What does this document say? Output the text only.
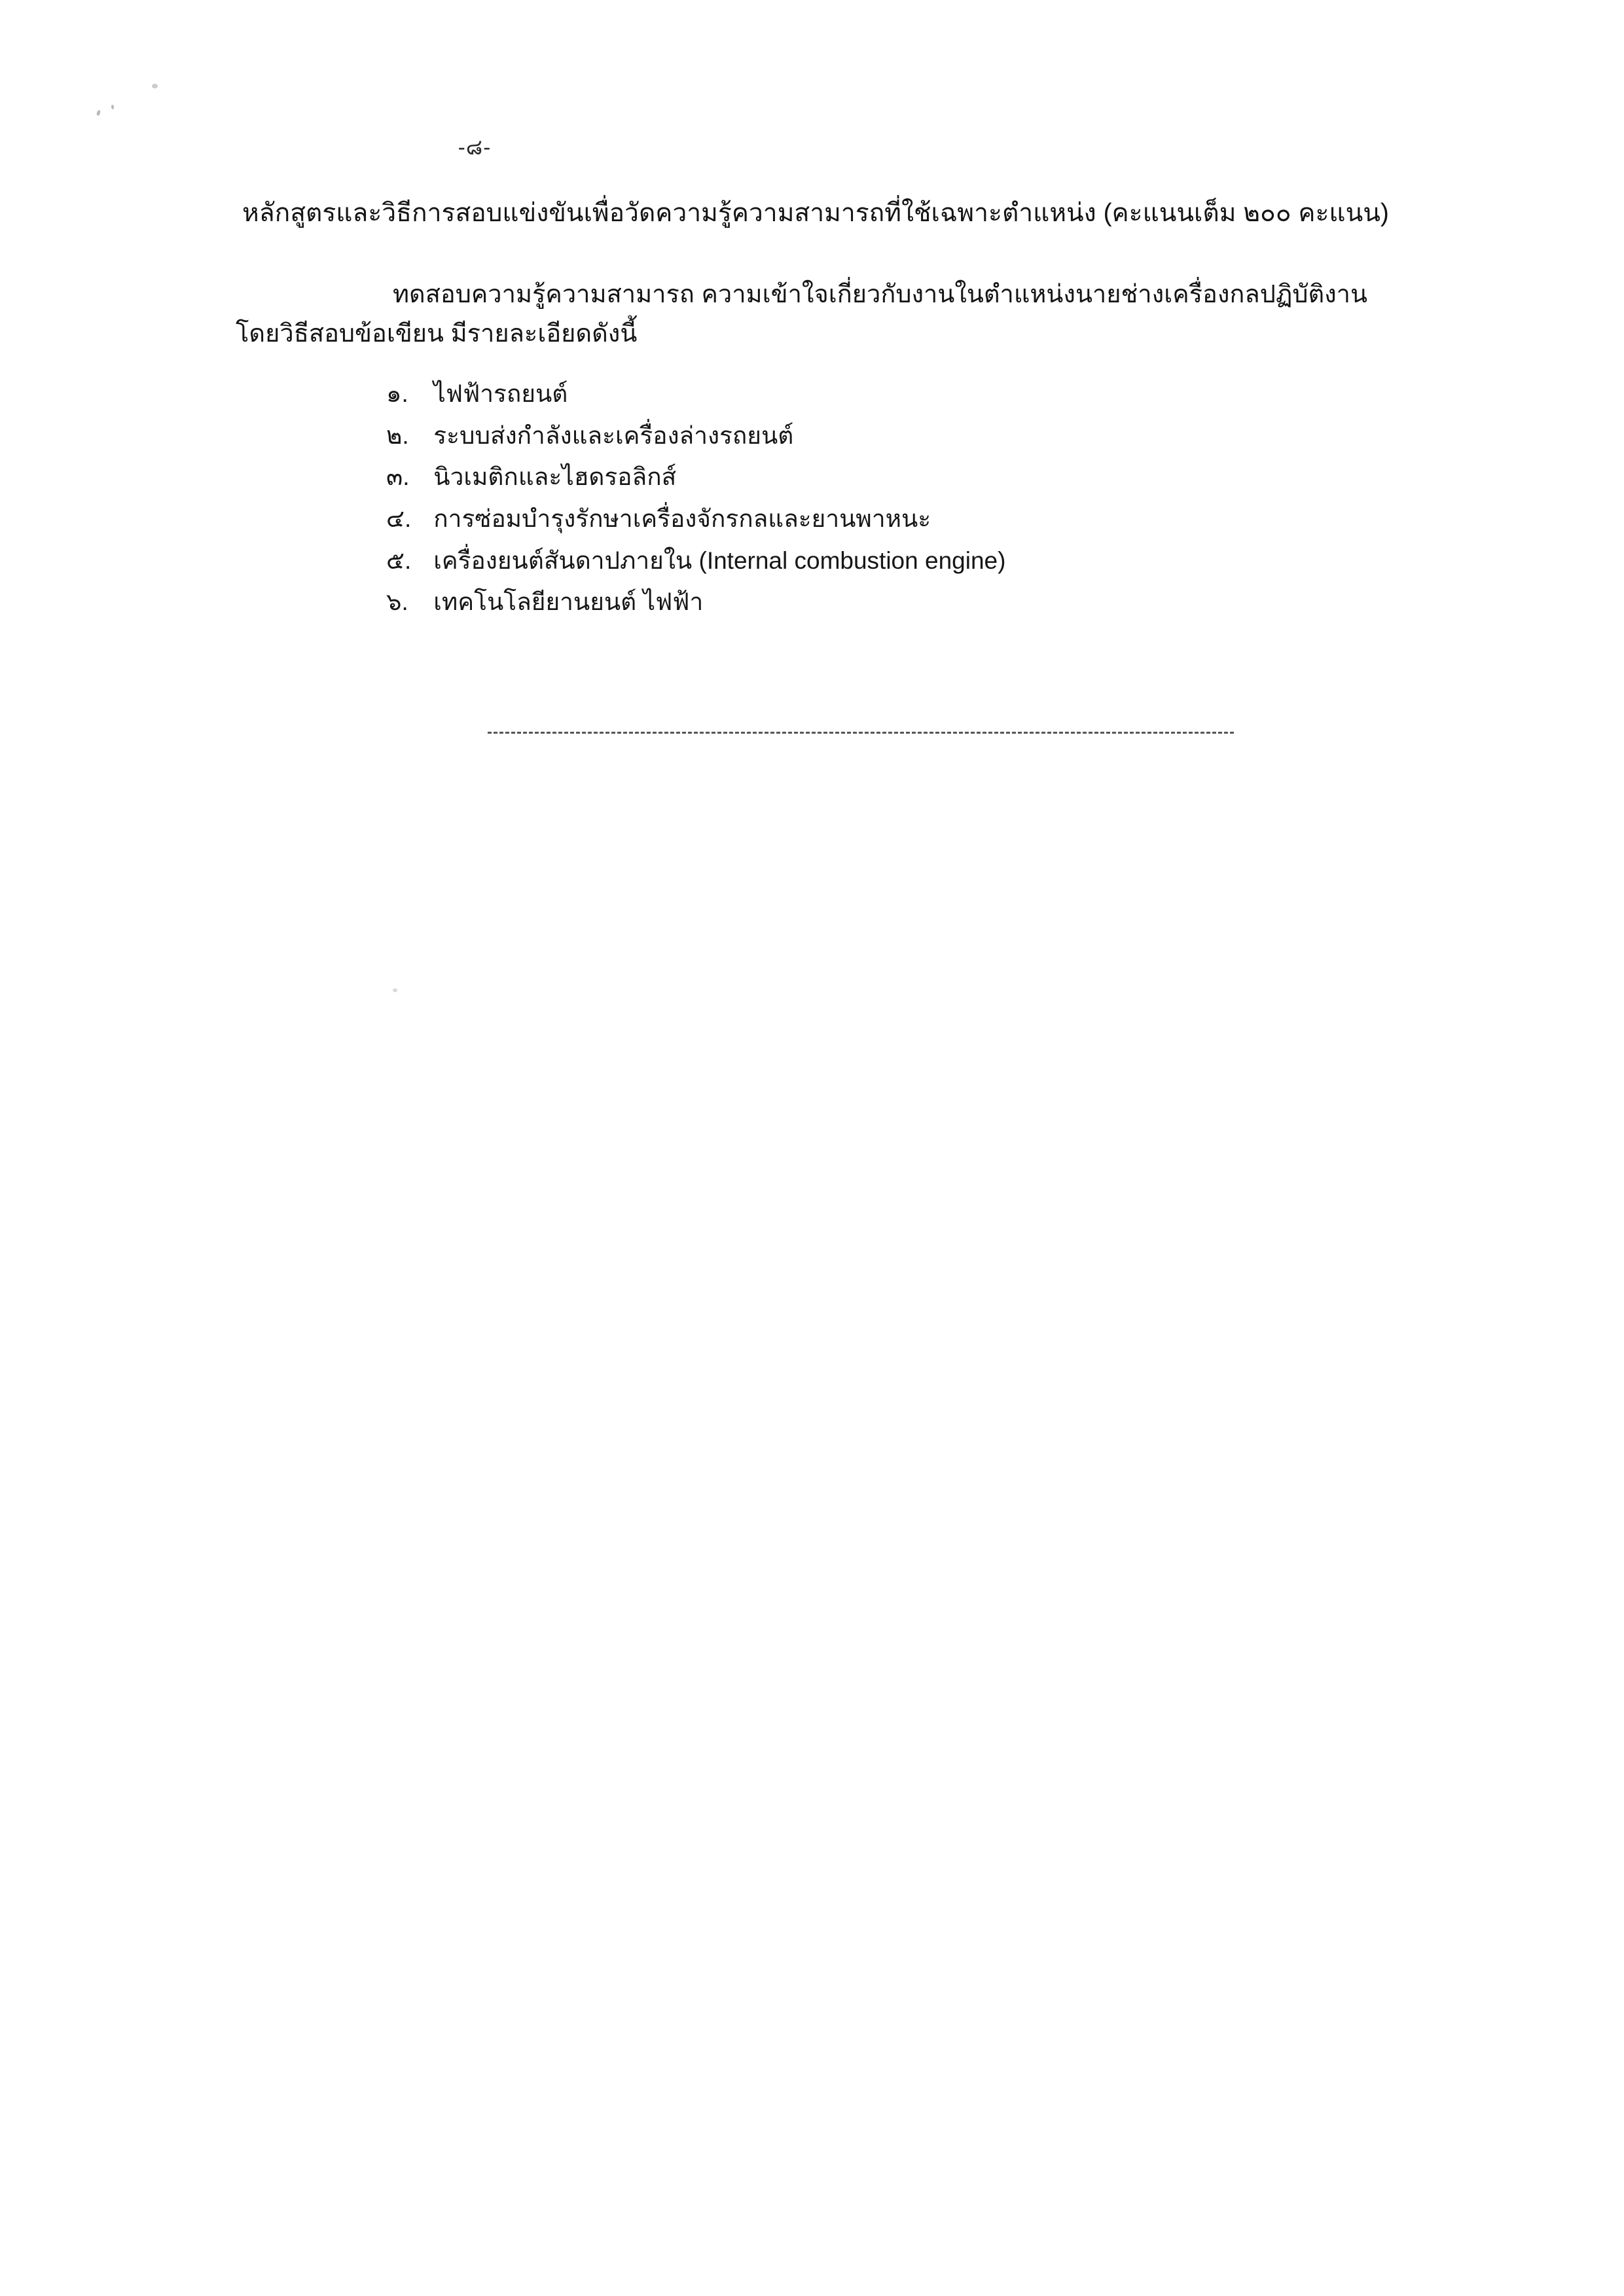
-๘-
หลักสูตรและวิธีการสอบแข่งขันเพื่อวัดความรู้ความสามารถที่ใช้เฉพาะตำแหน่ง (คะแนนเต็ม ๒๐๐ คะแนน)
ทดสอบความรู้ความสามารถ ความเข้าใจเกี่ยวกับงานในตำแหน่งนายช่างเครื่องกลปฏิบัติงาน
โดยวิธีสอบข้อเขียน มีรายละเอียดดังนี้
๑. ไฟฟ้ารถยนต์
๒. ระบบส่งกำลังและเครื่องล่างรถยนต์
๓. นิวเมติกและไฮดรอลิกส์
๔. การซ่อมบำรุงรักษาเครื่องจักรกลและยานพาหนะ
๕. เครื่องยนต์สันดาปภายใน (Internal combustion engine)
๖. เทคโนโลยียานยนต์ ไฟฟ้า
